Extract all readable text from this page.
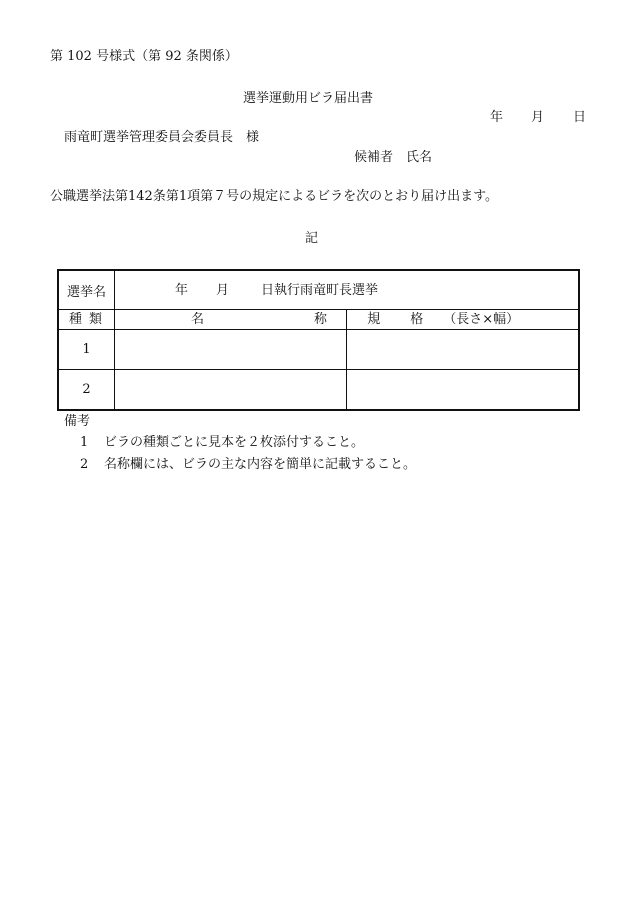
第 102 号様式（第 92 条関係）
選挙運動用ビラ届出書
年 月 日
雨竜町選挙管理委員会委員長　様
候補者 氏名
公職選挙法第142条第1項第７号の規定によるビラを次のとおり届け出ます。
記
選挙名	年 月 日執行雨竜町長選挙	

種 類	名 称	規 格 （長さ×幅）

1		
2		
備考
1 ビラの種類ごとに見本を２枚添付すること。
2 名称欄には、ビラの主な内容を簡単に記載すること。
